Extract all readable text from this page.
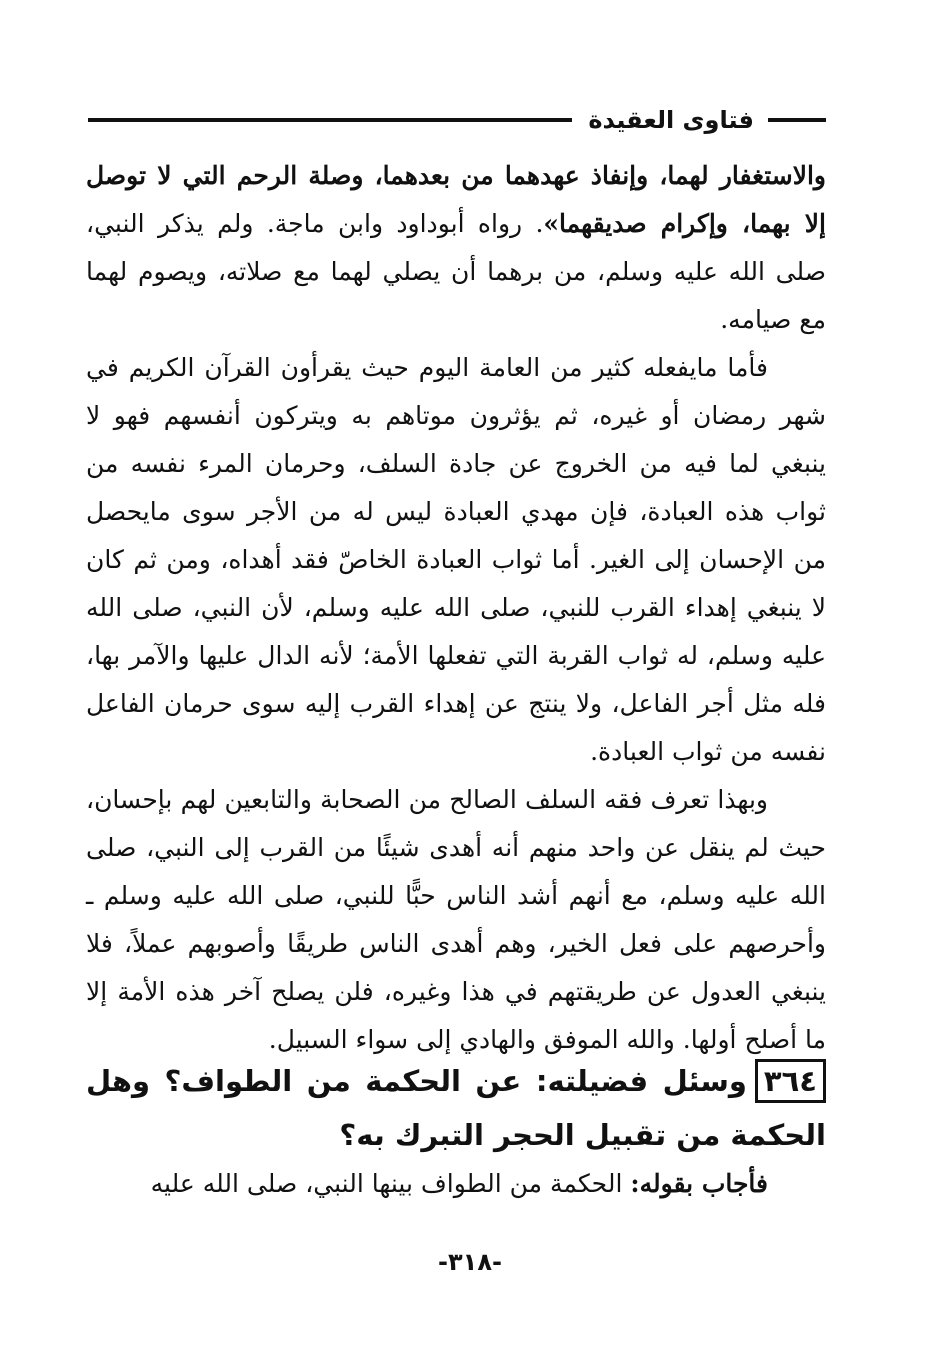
فتاوى العقيدة

والاستغفار لهما، وإنفاذ عهدهما من بعدهما، وصلة الرحم التي لا توصل إلا بهما، وإكرام صديقهما». رواه أبوداود وابن ماجة. ولم يذكر النبي، صلى الله عليه وسلم، من برهما أن يصلي لهما مع صلاته، ويصوم لهما مع صيامه.

فأما مايفعله كثير من العامة اليوم حيث يقرأون القرآن الكريم في شهر رمضان أو غيره، ثم يؤثرون موتاهم به ويتركون أنفسهم فهو لا ينبغي لما فيه من الخروج عن جادة السلف، وحرمان المرء نفسه من ثواب هذه العبادة، فإن مهدي العبادة ليس له من الأجر سوى مايحصل من الإحسان إلى الغير. أما ثواب العبادة الخاصّ فقد أهداه، ومن ثم كان لا ينبغي إهداء القرب للنبي، صلى الله عليه وسلم، لأن النبي، صلى الله عليه وسلم، له ثواب القربة التي تفعلها الأمة؛ لأنه الدال عليها والآمر بها، فله مثل أجر الفاعل، ولا ينتج عن إهداء القرب إليه سوى حرمان الفاعل نفسه من ثواب العبادة.

وبهذا تعرف فقه السلف الصالح من الصحابة والتابعين لهم بإحسان، حيث لم ينقل عن واحد منهم أنه أهدى شيئًا من القرب إلى النبي، صلى الله عليه وسلم، مع أنهم أشد الناس حبًّا للنبي، صلى الله عليه وسلم ـ وأحرصهم على فعل الخير، وهم أهدى الناس طريقًا وأصوبهم عملاً، فلا ينبغي العدول عن طريقتهم في هذا وغيره، فلن يصلح آخر هذه الأمة إلا ما أصلح أولها. والله الموفق والهادي إلى سواء السبيل.

٣٦٤وسئل فضيلته: عن الحكمة من الطواف؟ وهل الحكمة من تقبيل الحجر التبرك به؟
فأجاب بقوله: الحكمة من الطواف بينها النبي، صلى الله عليه
-٣١٨-
